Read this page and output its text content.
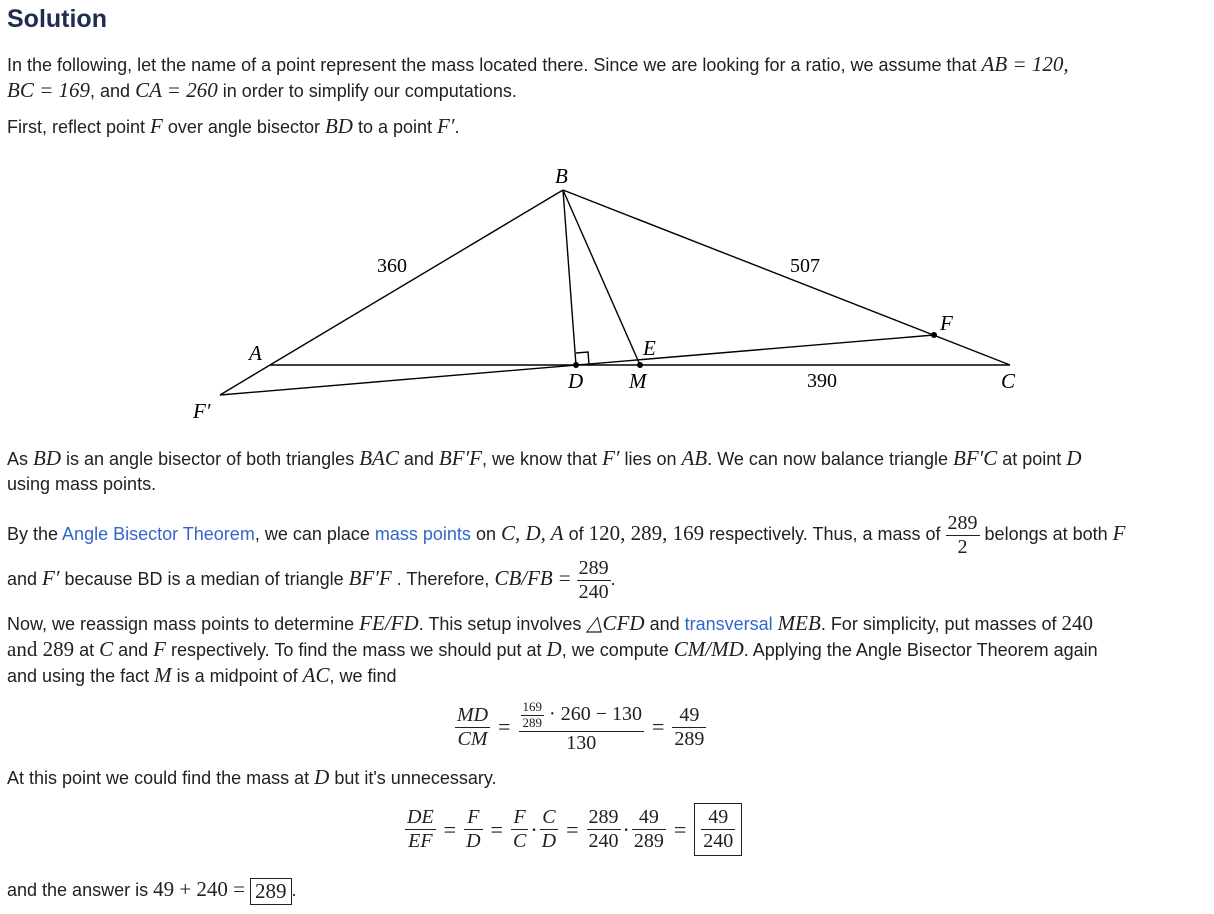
Solution
In the following, let the name of a point represent the mass located there. Since we are looking for a ratio, we assume that AB = 120,
BC = 169, and CA = 260 in order to simplify our computations.
First, reflect point F over angle bisector BD to a point F′.
B
A
C
D M
E
F
F′
360	507
390
As BD is an angle bisector of both triangles BAC and BF′F, we know that F′ lies on AB. We can now balance triangle BF′C at point D
using mass points.
By the Angle Bisector Theorem, we can place mass points on C, D, A of 120, 289, 169 respectively. Thus, a mass of $\frac{289}{2}$ belongs at both F
and F′ because BD is a median of triangle BF′F . Therefore, $CB/FB = \frac{289}{240}$ .
Now, we reassign mass points to determine FE/FD. This setup involves △CFD and transversal MEB. For simplicity, put masses of 240
and 289 at C and F respectively. To find the mass we should put at D, we compute CM/MD. Applying the Angle Bisector Theorem again
and using the fact M is a midpoint of AC, we find
$\frac{MD}{CM} = \frac{\frac{169}{289} \cdot 260 - 130}{130} = \frac{49}{289}$
At this point we could find the mass at D but it's unnecessary.
$\frac{DE}{EF} = \frac{F}{D} = \frac{F}{C} \cdot \frac{C}{D} = \frac{289}{240} \cdot \frac{49}{289} = \frac{49}{240}$
and the answer is 49 + 240 = 289 .
